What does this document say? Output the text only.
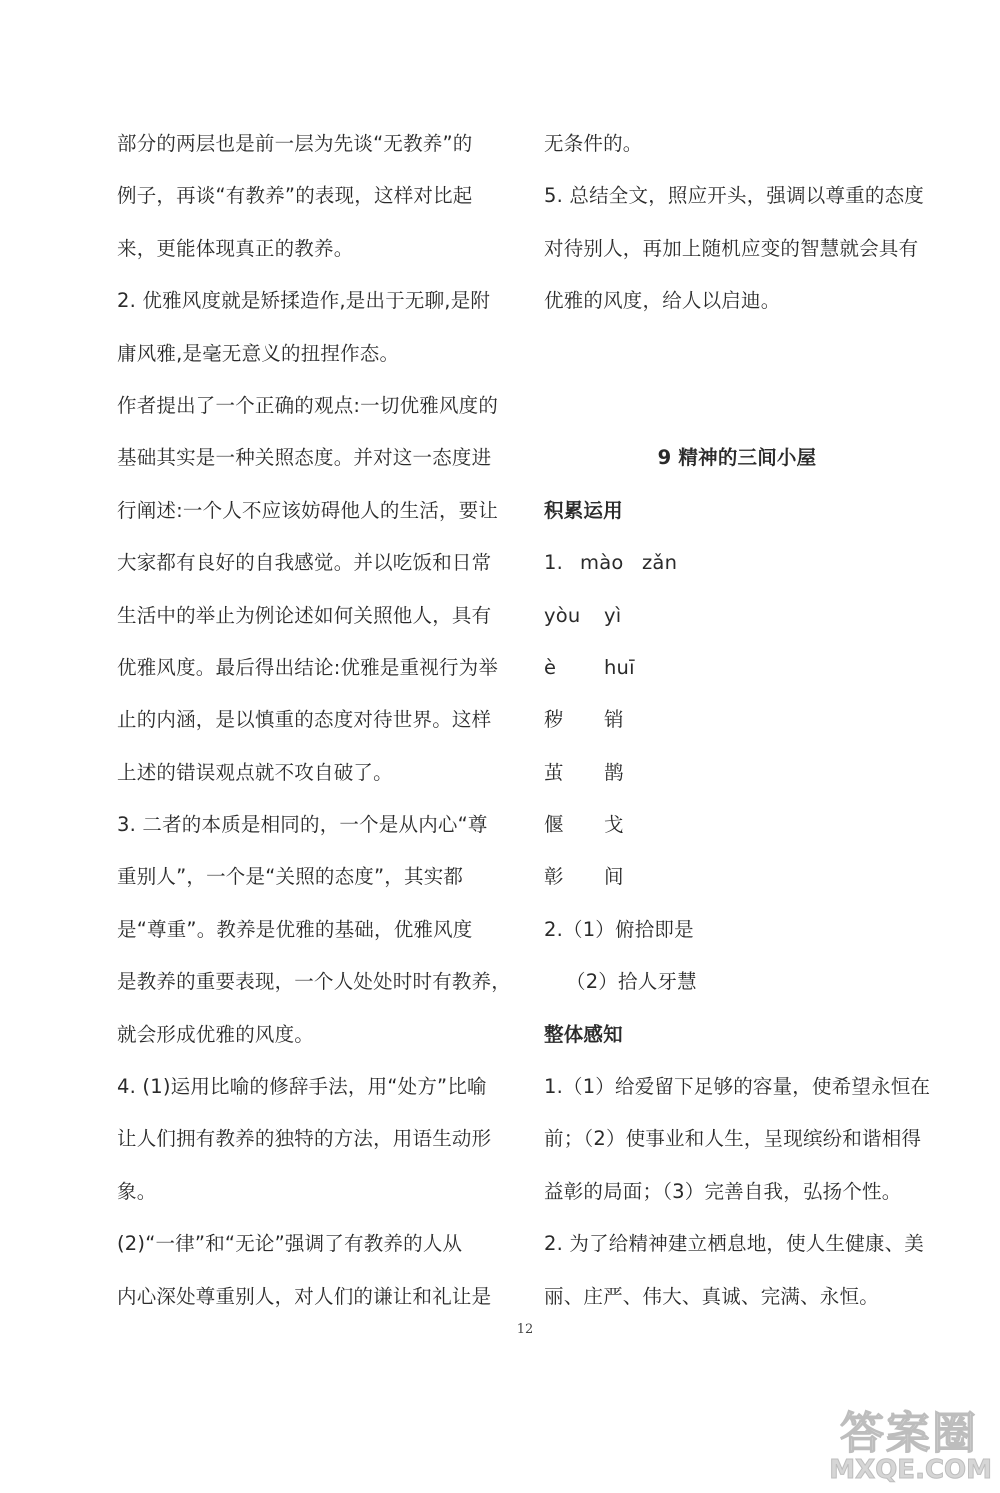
部分的两层也是前一层为先谈“无教养”的
例子，再谈“有教养”的表现，这样对比起
来，更能体现真正的教养。
2. 优雅风度就是矫揉造作,是出于无聊,是附
庸风雅,是毫无意义的扭捏作态。
作者提出了一个正确的观点:一切优雅风度的
基础其实是一种关照态度。并对这一态度进
行阐述:一个人不应该妨碍他人的生活，要让
大家都有良好的自我感觉。并以吃饭和日常
生活中的举止为例论述如何关照他人，具有
优雅风度。最后得出结论:优雅是重视行为举
止的内涵，是以慎重的态度对待世界。这样
上述的错误观点就不攻自破了。
3. 二者的本质是相同的，一个是从内心“尊
重别人”，一个是“关照的态度”，其实都
是“尊重”。教养是优雅的基础，优雅风度
是教养的重要表现，一个人处处时时有教养，
就会形成优雅的风度。
4. (1)运用比喻的修辞手法，用“处方”比喻
让人们拥有教养的独特的方法，用语生动形
象。
(2)“一律”和“无论”强调了有教养的人从
内心深处尊重别人，对人们的谦让和礼让是
无条件的。
5. 总结全文，照应开头，强调以尊重的态度
对待别人，再加上随机应变的智慧就会具有
优雅的风度，给人以启迪。
9 精神的三间小屋
积累运用
1. mào zǎn
yòu	yì
è	huī
秽	销
茧	鹊
偃	戈
彰	间
2.（1）俯拾即是
（2）拾人牙慧
整体感知
1.（1）给爱留下足够的容量，使希望永恒在
前；（2）使事业和人生，呈现缤纷和谐相得
益彰的局面；（3）完善自我，弘扬个性。
2. 为了给精神建立栖息地，使人生健康、美
丽、庄严、伟大、真诚、完满、永恒。
12
答案圈
MXQE.COM
